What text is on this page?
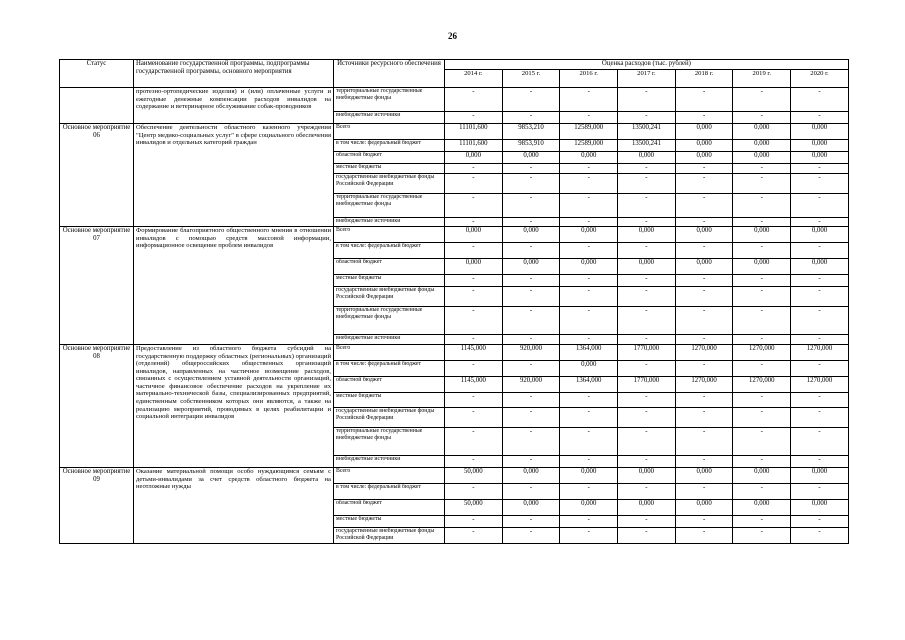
26
Статус	Наименование государственной программы, подпрограммы государственной программы, основного мероприятия	Источники ресурсного обеспечения	Оценка расходов (тыс. рублей)						
			2014 г.	2015 г.	2016 г.	2017 г.	2018 г.	2019 г.	2020 г.
	протезно-ортопедические изделия) и (или) оплаченные услуги и ежегодные денежные компенсации расходов инвалидов на содержание и ветеринарное обслуживание собак-проводников	территориальные государственные внебюджетные фонды	-	-	-	-	-	-	-
		внебюджетные источники	-	-	-	-	-	-	-
Основное мероприятие 06	Обеспечение деятельности областного казенного учреждения "Центр медико-социальных услуг" в сфере социального обеспечения инвалидов и отдельных категорий граждан	Всего	11101,600	9853,210	12589,000	13500,241	0,000	0,000	0,000
		в том числе: федеральный бюджет	11101,600	9853,910	12589,000	13500,241	0,000	0,000	0,000
		областной бюджет	0,000	0,000	0,000	0,000	0,000	0,000	0,000
		местные бюджеты	-	-	-	-	-	-	-
		государственные внебюджетные фонды Российской Федерации	-	-	-	-	-	-	-
		территориальные государственные внебюджетные фонды	-	-	-	-	-	-	-
		внебюджетные источники	-	-	-	-	-	-	-
Основное мероприятие 07	Формирование благоприятного общественного мнения в отношении инвалидов с помощью средств массовой информации, информационное освещение проблем инвалидов	Всего	0,000	0,000	0,000	0,000	0,000	0,000	0,000
		в том числе: федеральный бюджет	-	-	-	-	-	-	-
		областной бюджет	0,000	0,000	0,000	0,000	0,000	0,000	0,000
		местные бюджеты	-	-	-	-	-	-	-
		государственные внебюджетные фонды Российской Федерации	-	-	-	-	-	-	-
		территориальные государственные внебюджетные фонды	-	-	-	-	-	-	-
		внебюджетные источники	-	-	-	-	-	-	-
Основное мероприятие 08	Предоставление из областного бюджета субсидий на государственную поддержку областных (региональных) организаций (отделений) общероссийских общественных организаций инвалидов, направленных на частичное возмещение расходов, связанных с осуществлением уставной деятельности организаций, частичное финансовое обеспечение расходов на укрепление их материально-технической базы, специализированных предприятий, единственным собственником которых они являются, а также на реализацию мероприятий, проводимых в целях реабилитации и социальной интеграции инвалидов	Всего	1145,000	920,000	1364,000	1770,000	1270,000	1270,000	1270,000
		в том числе: федеральный бюджет	-	-	0,000	-	-	-	-
		областной бюджет	1145,000	920,000	1364,000	1770,000	1270,000	1270,000	1270,000
		местные бюджеты	-	-	-	-	-	-	-
		государственные внебюджетные фонды Российской Федерации	-	-	-	-	-	-	-
		территориальные государственные внебюджетные фонды	-	-	-	-	-	-	-
		внебюджетные источники	-	-	-	-	-	-	-
Основное мероприятие 09	Оказание материальной помощи особо нуждающимся семьям с детьми-инвалидами за счет средств областного бюджета на неотложные нужды	Всего	50,000	0,000	0,000	0,000	0,000	0,000	0,000
		в том числе: федеральный бюджет	-	-	-	-	-	-	-
		областной бюджет	50,000	0,000	0,000	0,000	0,000	0,000	0,000
		местные бюджеты	-	-	-	-	-	-	-
		государственные внебюджетные фонды Российской Федерации	-	-	-	-	-	-	-
